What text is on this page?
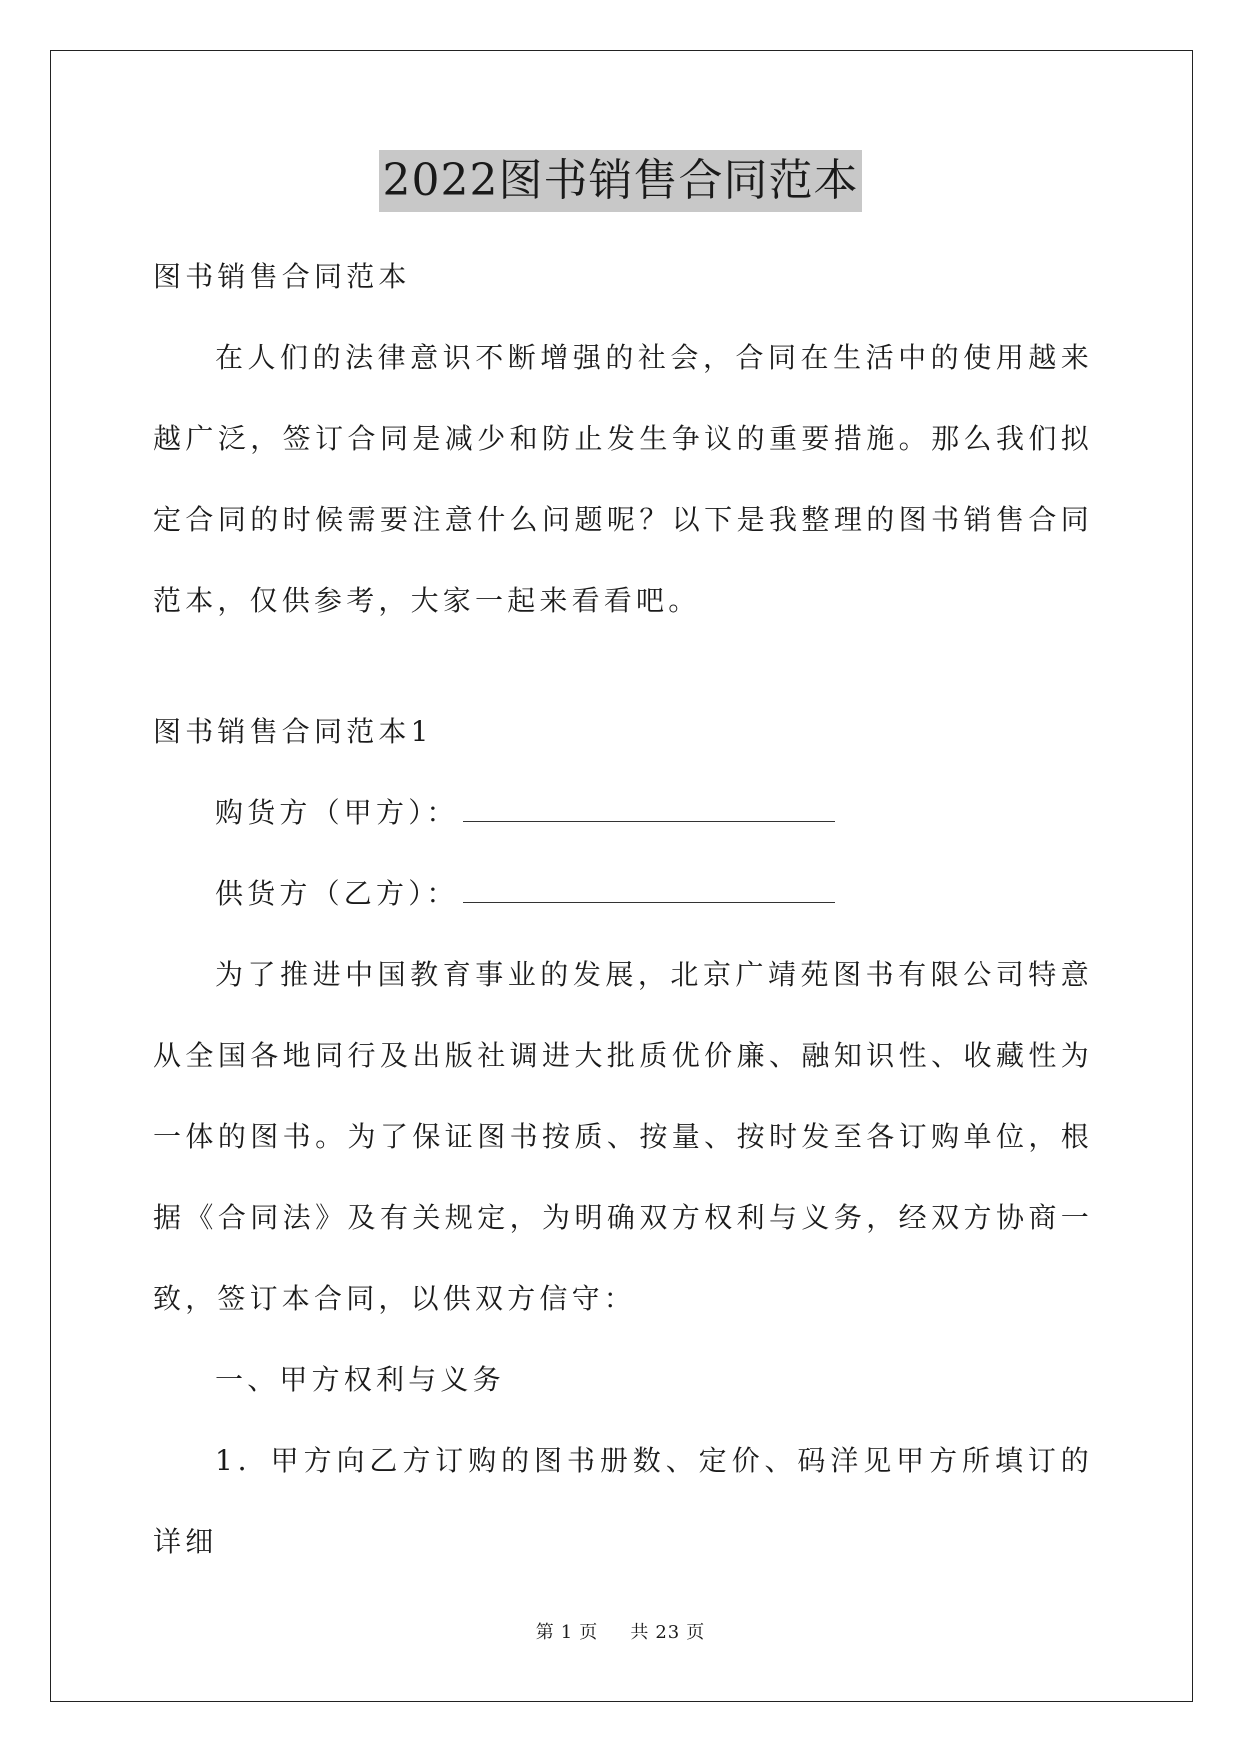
2022图书销售合同范本

图书销售合同范本

在人们的法律意识不断增强的社会，合同在生活中的使用越来越广泛，签订合同是减少和防止发生争议的重要措施。那么我们拟定合同的时候需要注意什么问题呢？以下是我整理的图书销售合同范本，仅供参考，大家一起来看看吧。

图书销售合同范本1

购货方（甲方）：

供货方（乙方）：

为了推进中国教育事业的发展，北京广靖苑图书有限公司特意从全国各地同行及出版社调进大批质优价廉、融知识性、收藏性为一体的图书。为了保证图书按质、按量、按时发至各订购单位，根据《合同法》及有关规定，为明确双方权利与义务，经双方协商一致，签订本合同，以供双方信守：

一、甲方权利与义务

1．甲方向乙方订购的图书册数、定价、码洋见甲方所填订的详细

第 1 页 共 23 页
